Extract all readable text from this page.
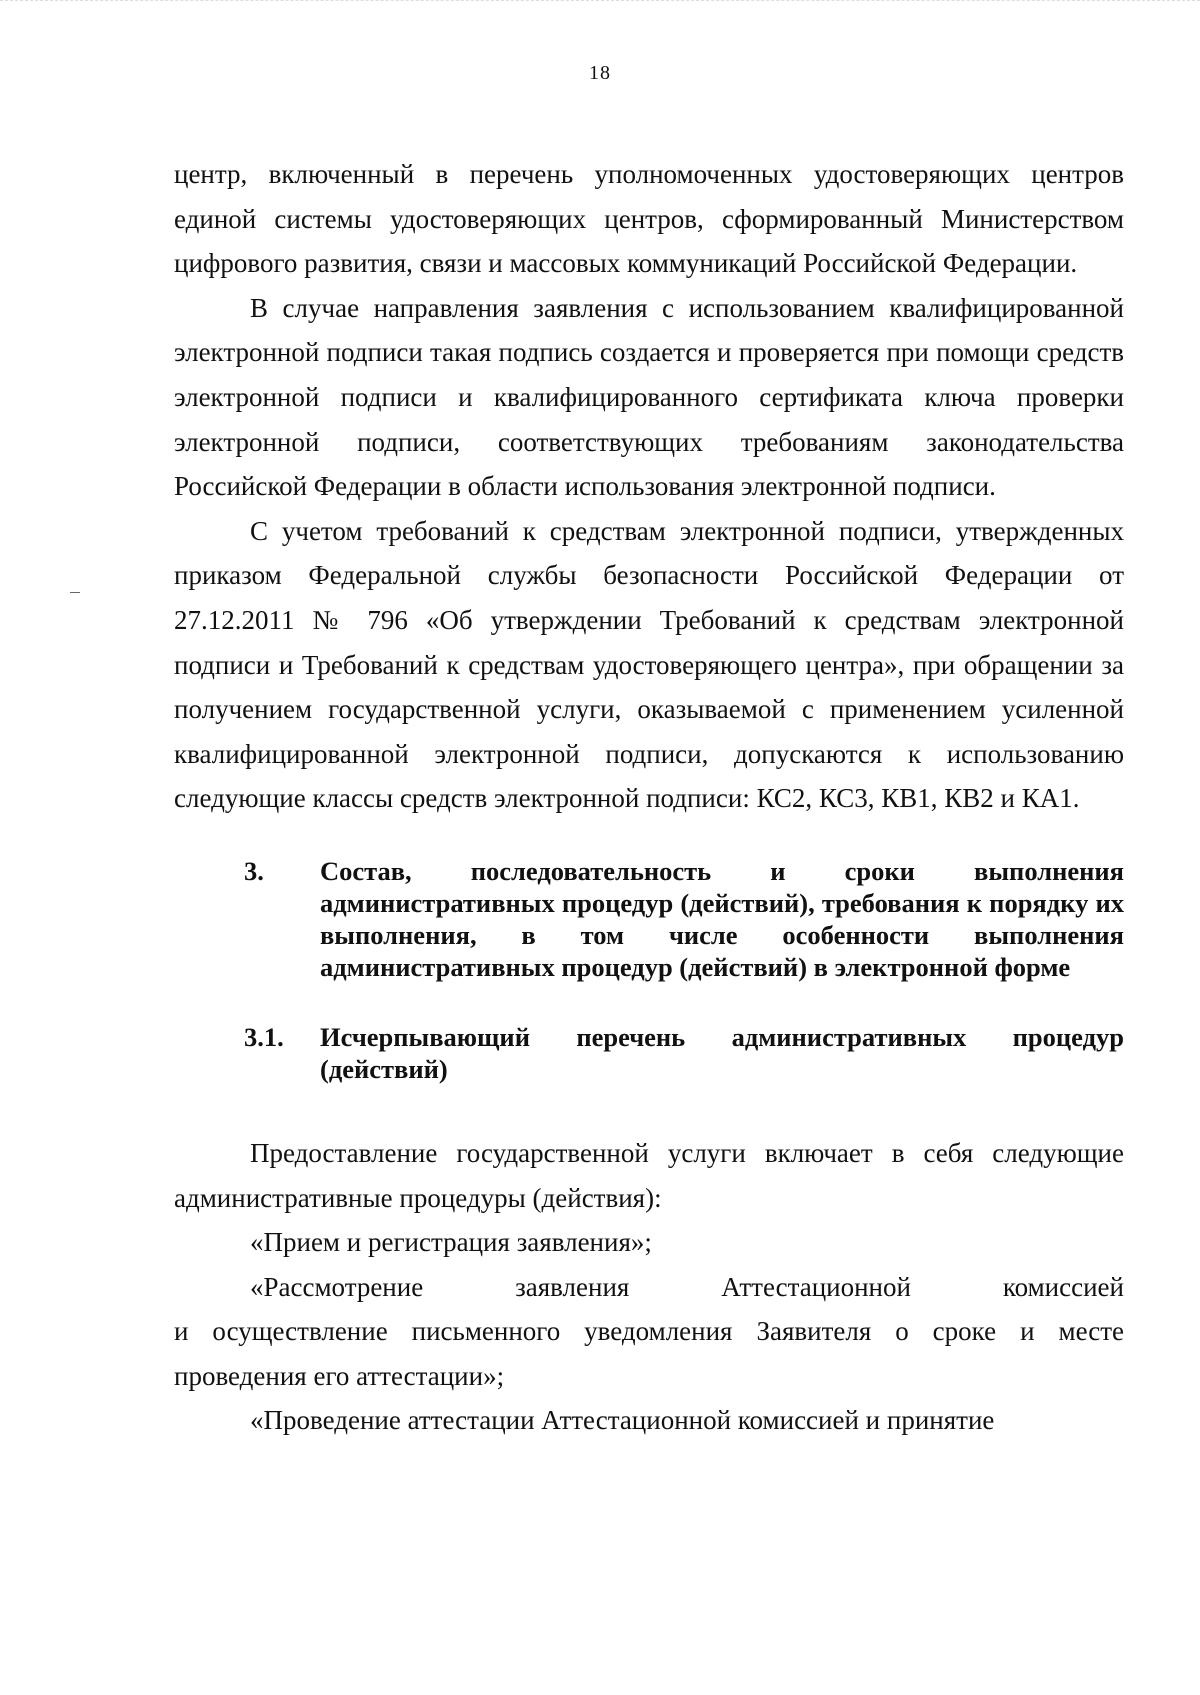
18

центр, включенный в перечень уполномоченных удостоверяющих центров единой системы удостоверяющих центров, сформированный Министерством цифрового развития, связи и массовых коммуникаций Российской Федерации.

В случае направления заявления с использованием квалифицированной электронной подписи такая подпись создается и проверяется при помощи средств электронной подписи и квалифицированного сертификата ключа проверки электронной подписи, соответствующих требованиям законодательства Российской Федерации в области использования электронной подписи.

С учетом требований к средствам электронной подписи, утвержденных приказом Федеральной службы безопасности Российской Федерации от 27.12.2011 № 796 «Об утверждении Требований к средствам электронной подписи и Требований к средствам удостоверяющего центра», при обращении за получением государственной услуги, оказываемой с применением усиленной квалифицированной электронной подписи, допускаются к использованию следующие классы средств электронной подписи: КС2, КС3, КВ1, КВ2 и КА1.

3.	Состав, последовательность и сроки выполнения административных процедур (действий), требования к порядку их выполнения, в том числе особенности выполнения административных процедур (действий) в электронной форме
3.1.	Исчерпывающий перечень административных процедур (действий)

Предоставление государственной услуги включает в себя следующие административные процедуры (действия):

«Прием и регистрация заявления»;

«Рассмотрение	заявления	Аттестационной	комиссией

и осуществление письменного уведомления Заявителя о сроке и месте проведения его аттестации»;

«Проведение аттестации Аттестационной комиссией и принятие
